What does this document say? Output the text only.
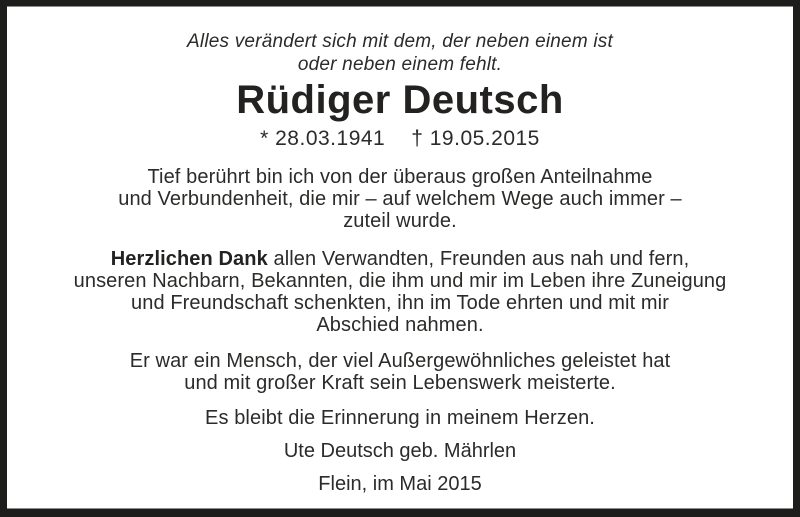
Alles verändert sich mit dem, der neben einem ist
oder neben einem fehlt.
Rüdiger Deutsch
* 28.03.1941 † 19.05.2015
Tief berührt bin ich von der überaus großen Anteilnahme
und Verbundenheit, die mir – auf welchem Wege auch immer –
zuteil wurde.
Herzlichen Dank allen Verwandten, Freunden aus nah und fern,
unseren Nachbarn, Bekannten, die ihm und mir im Leben ihre Zuneigung
und Freundschaft schenkten, ihn im Tode ehrten und mit mir
Abschied nahmen.
Er war ein Mensch, der viel Außergewöhnliches geleistet hat
und mit großer Kraft sein Lebenswerk meisterte.
Es bleibt die Erinnerung in meinem Herzen.
Ute Deutsch geb. Mährlen
Flein, im Mai 2015
